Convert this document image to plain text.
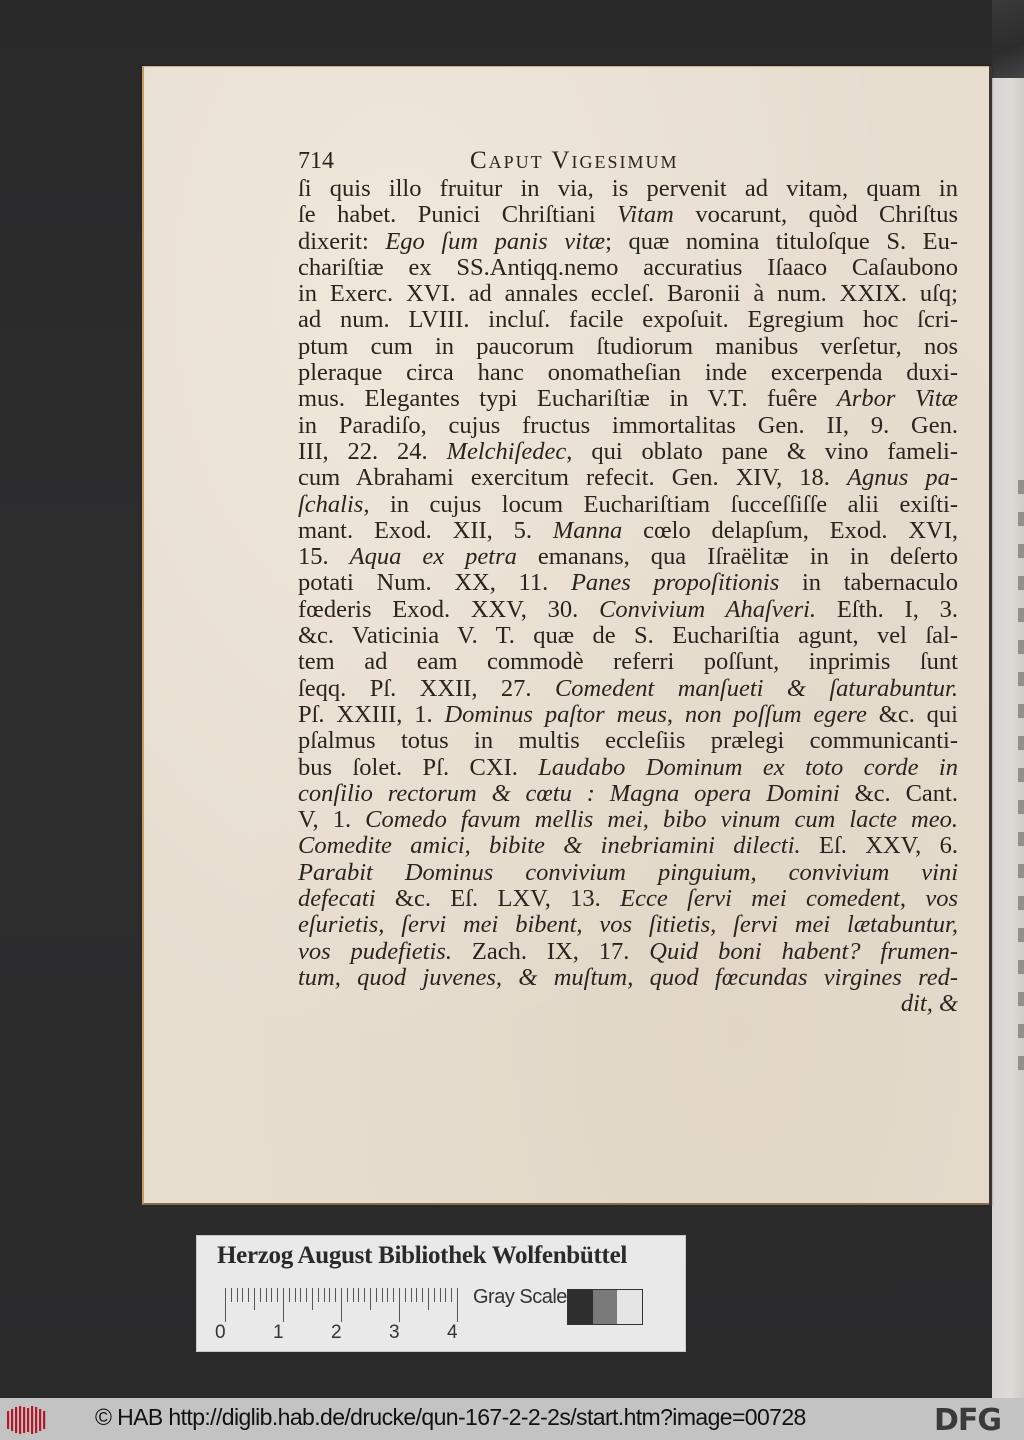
714	Caput Vigesimum
ſi quis illo fruitur in via, is pervenit ad vitam, quam in
ſe habet. Punici Chriſtiani Vitam vocarunt, quòd Chriſtus
dixerit: Ego ſum panis vitæ; quæ nomina tituloſque S. Eu-
chariſtiæ ex SS.Antiqq.nemo accuratius Iſaaco Caſaubono
in Exerc. XVI. ad annales eccleſ. Baronii à num. XXIX. uſq;
ad num. LVIII. incluſ. facile expoſuit. Egregium hoc ſcri-
ptum cum in paucorum ſtudiorum manibus verſetur, nos
pleraque circa hanc onomatheſian inde excerpenda duxi-
mus. Elegantes typi Euchariſtiæ in V.T. fuêre Arbor Vitæ
in Paradiſo, cujus fructus immortalitas Gen. II, 9. Gen.
III, 22. 24. Melchiſedec, qui oblato pane & vino fameli-
cum Abrahami exercitum refecit. Gen. XIV, 18. Agnus pa-
ſchalis, in cujus locum Euchariſtiam ſucceſſiſſe alii exiſti-
mant. Exod. XII, 5. Manna cœlo delapſum, Exod. XVI,
15. Aqua ex petra emanans, qua Iſraëlitæ in in deſerto
potati Num. XX, 11. Panes propoſitionis in tabernaculo
fœderis Exod. XXV, 30. Convivium Ahaſveri. Eſth. I, 3.
&c. Vaticinia V. T. quæ de S. Euchariſtia agunt, vel ſal-
tem ad eam commodè referri poſſunt, inprimis ſunt
ſeqq. Pſ. XXII, 27. Comedent manſueti & ſaturabuntur.
Pſ. XXIII, 1. Dominus paſtor meus, non poſſum egere &c. qui
pſalmus totus in multis eccleſiis prælegi communicanti-
bus ſolet. Pſ. CXI. Laudabo Dominum ex toto corde in
conſilio rectorum & cœtu : Magna opera Domini &c. Cant.
V, 1. Comedo favum mellis mei, bibo vinum cum lacte meo.
Comedite amici, bibite & inebriamini dilecti. Eſ. XXV, 6.
Parabit Dominus convivium pinguium, convivium vini
defecati &c. Eſ. LXV, 13. Ecce ſervi mei comedent, vos
eſurietis, ſervi mei bibent, vos ſitietis, ſervi mei lætabuntur,
vos pudefietis. Zach. IX, 17. Quid boni habent? frumen-
tum, quod juvenes, & muſtum, quod fœcundas virgines red-
dit, &
Herzog August Bibliothek Wolfenbüttel
0 1 2 3 4
Gray Scale
© HAB http://diglib.hab.de/drucke/qun-167-2-2-2s/start.htm?image=00728	DFG
